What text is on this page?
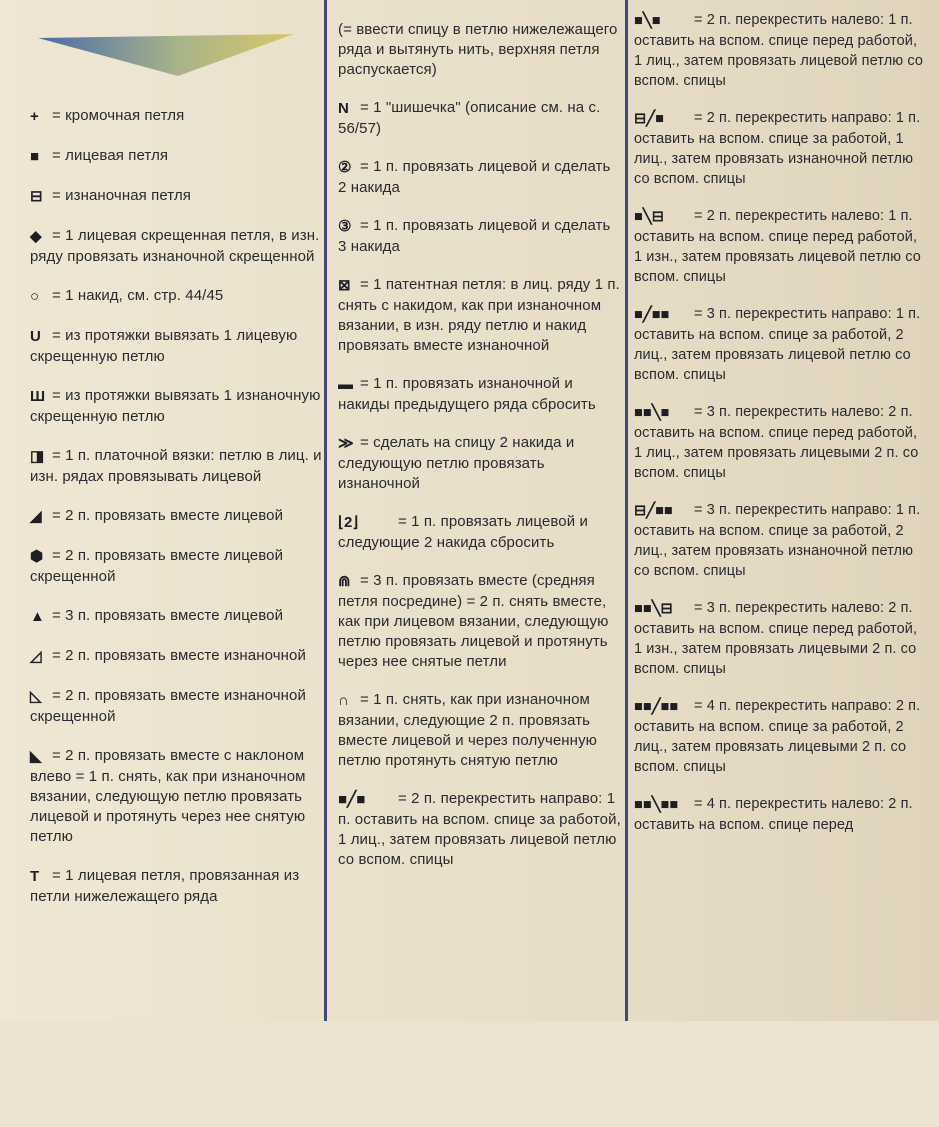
+ = кромочная петля

■ = лицевая петля

⊟ = изнаночная петля

◆ = 1 лицевая скрещенная петля, в изн. ряду провязать изнаночной скрещенной

○ = 1 накид, см. стр. 44/45

U = из протяжки вывязать 1 лицевую скрещенную петлю

Ш = из протяжки вывязать 1 изнаночную скрещенную петлю

◨ = 1 п. платочной вязки: петлю в лиц. и изн. рядах провязывать лицевой

◢ = 2 п. провязать вместе лицевой

⬢ = 2 п. провязать вместе лицевой скрещенной

▲ = 3 п. провязать вместе лицевой

◿ = 2 п. провязать вместе изнаночной

◺ = 2 п. провязать вместе изнаночной скрещенной

◣ = 2 п. провязать вместе с наклоном влево = 1 п. снять, как при изнаночном вязании, следующую петлю провязать лицевой и протянуть через нее снятую петлю

T = 1 лицевая петля, провязанная из петли нижележащего ряда

(= ввести спицу в петлю нижележащего ряда и вытянуть нить, верхняя петля распускается)

N = 1 "шишечка" (описание см. на с. 56/57)

② = 1 п. провязать лицевой и сделать 2 накида

③ = 1 п. провязать лицевой и сделать 3 накида

⊠ = 1 патентная петля: в лиц. ряду 1 п. снять с накидом, как при изнаночном вязании, в изн. ряду петлю и накид провязать вместе изнаночной

▬ = 1 п. провязать изнаночной и накиды предыдущего ряда сбросить

≫ = сделать на спицу 2 накида и следующую петлю провязать изнаночной

⌊2⌋	= 1 п. провязать лицевой и следующие 2 накида сбросить

⋒ = 3 п. провязать вместе (средняя петля посредине) = 2 п. снять вместе, как при лицевом вязании, следующую петлю провязать лицевой и протянуть через нее снятые петли

∩ = 1 п. снять, как при изнаночном вязании, следующие 2 п. провязать вместе лицевой и через полученную петлю протянуть снятую петлю

■╱■ = 2 п. перекрестить направо: 1 п. оставить на вспом. спице за работой, 1 лиц., затем провязать лицевой петлю со вспом. спицы

■╲■ = 2 п. перекрестить налево: 1 п. оставить на вспом. спице перед работой, 1 лиц., затем провязать лицевой петлю со вспом. спицы

⊟╱■ = 2 п. перекрестить направо: 1 п. оставить на вспом. спице за работой, 1 лиц., затем провязать изнаночной петлю со вспом. спицы

■╲⊟ = 2 п. перекрестить налево: 1 п. оставить на вспом. спице перед работой, 1 изн., затем провязать лицевой петлю со вспом. спицы

■╱■■ = 3 п. перекрестить направо: 1 п. оставить на вспом. спице за работой, 2 лиц., затем провязать лицевой петлю со вспом. спицы

■■╲■ = 3 п. перекрестить налево: 2 п. оставить на вспом. спице перед работой, 1 лиц., затем провязать лицевыми 2 п. со вспом. спицы

⊟╱■■ = 3 п. перекрестить направо: 1 п. оставить на вспом. спице за работой, 2 лиц., затем провязать изнаночной петлю со вспом. спицы

■■╲⊟ = 3 п. перекрестить налево: 2 п. оставить на вспом. спице перед работой, 1 изн., затем провязать лицевыми 2 п. со вспом. спицы

■■╱■■ = 4 п. перекрестить направо: 2 п. оставить на вспом. спице за работой, 2 лиц., затем провязать лицевыми 2 п. со вспом. спицы

■■╲■■ = 4 п. перекрестить налево: 2 п. оставить на вспом. спице перед
